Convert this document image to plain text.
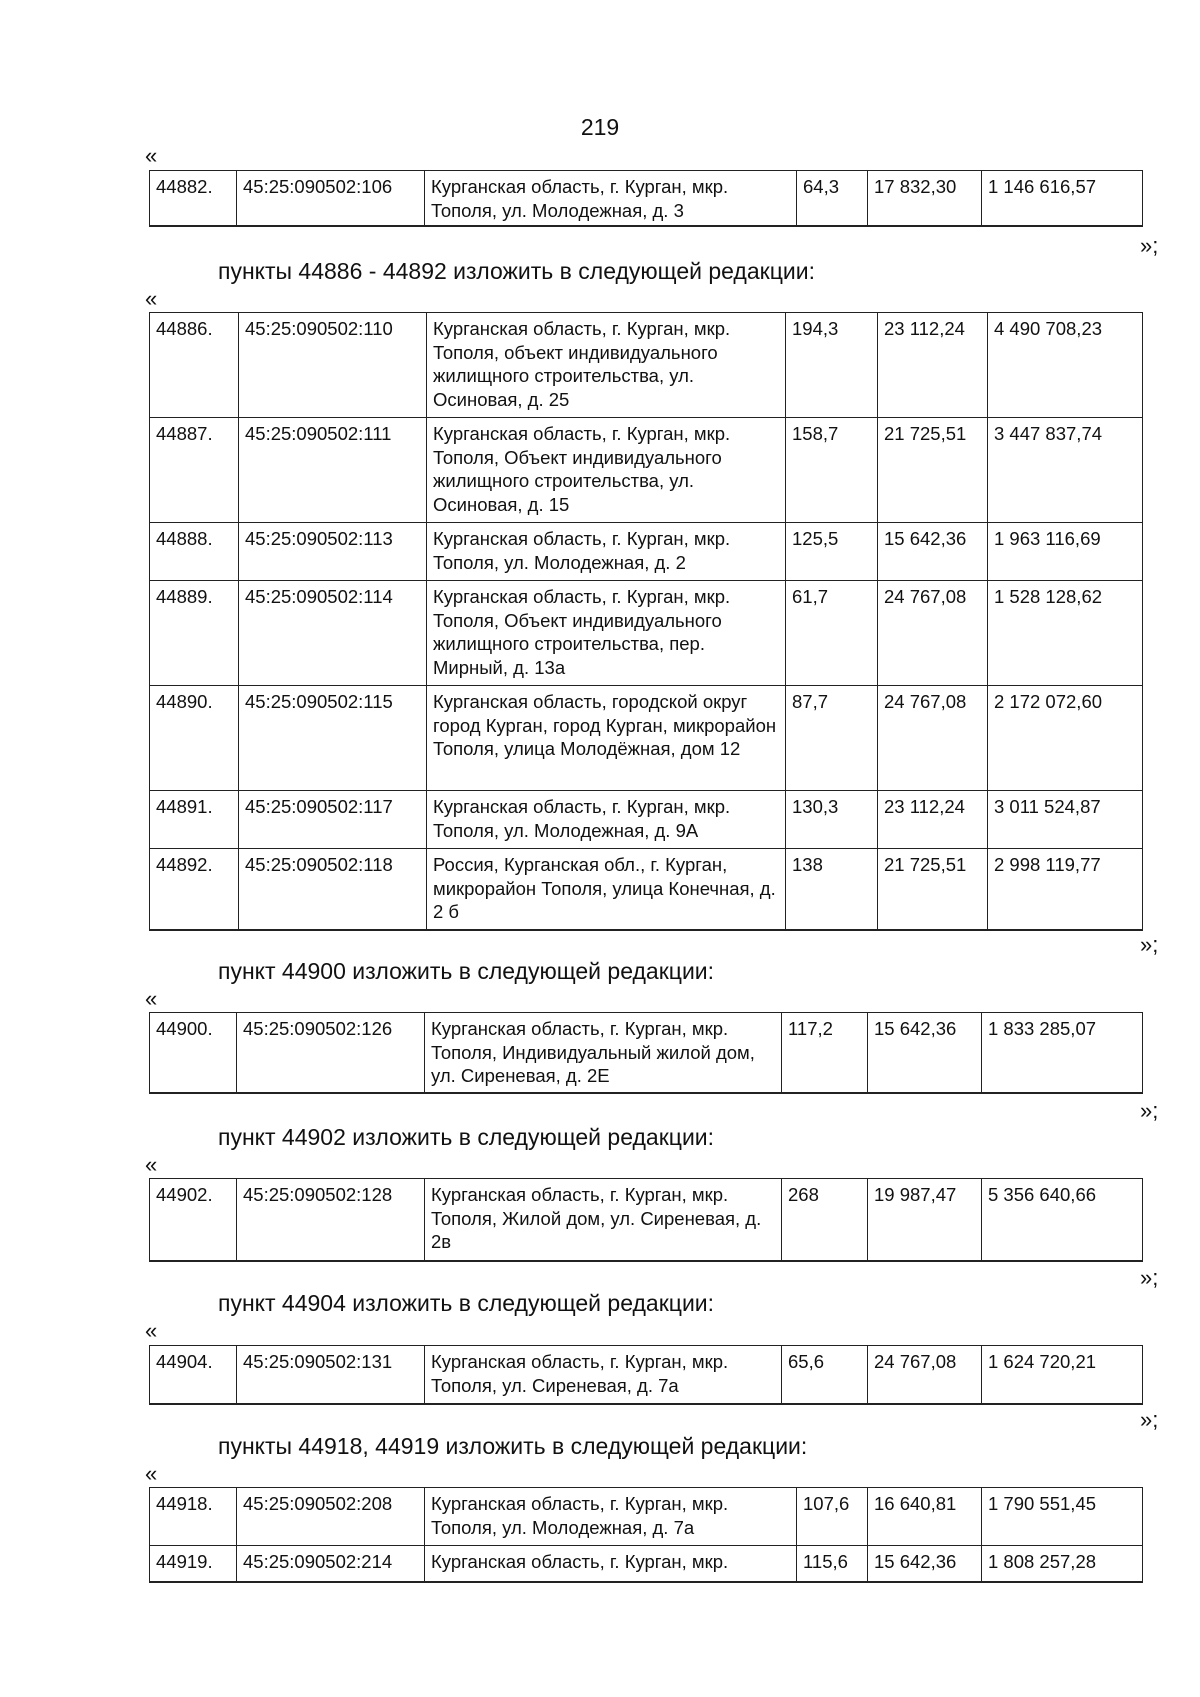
219
«
44882.	45:25:090502:106	Курганская область, г. Курган, мкр. Тополя, ул. Молодежная, д. 3	64,3	17 832,30	1 146 616,57
»;
пункты 44886 - 44892 изложить в следующей редакции:
«
44886.	45:25:090502:110	Курганская область, г. Курган, мкр. Тополя, объект индивидуального жилищного строительства, ул. Осиновая, д. 25	194,3	23 112,24	4 490 708,23
44887.	45:25:090502:111	Курганская область, г. Курган, мкр. Тополя, Объект индивидуального жилищного строительства, ул. Осиновая, д. 15	158,7	21 725,51	3 447 837,74
44888.	45:25:090502:113	Курганская область, г. Курган, мкр. Тополя, ул. Молодежная, д. 2	125,5	15 642,36	1 963 116,69
44889.	45:25:090502:114	Курганская область, г. Курган, мкр. Тополя, Объект индивидуального жилищного строительства, пер. Мирный, д. 13а	61,7	24 767,08	1 528 128,62
44890.	45:25:090502:115	Курганская область, городской округ город Курган, город Курган, микрорайон Тополя, улица Молодёжная, дом 12	87,7	24 767,08	2 172 072,60
44891.	45:25:090502:117	Курганская область, г. Курган, мкр. Тополя, ул. Молодежная, д. 9А	130,3	23 112,24	3 011 524,87
44892.	45:25:090502:118	Россия, Курганская обл., г. Курган, микрорайон Тополя, улица Конечная, д. 2 б	138	21 725,51	2 998 119,77
»;
пункт 44900 изложить в следующей редакции:
«
44900.	45:25:090502:126	Курганская область, г. Курган, мкр. Тополя, Индивидуальный жилой дом, ул. Сиреневая, д. 2Е	117,2	15 642,36	1 833 285,07
»;
пункт 44902 изложить в следующей редакции:
«
44902.	45:25:090502:128	Курганская область, г. Курган, мкр. Тополя, Жилой дом, ул. Сиреневая, д. 2в	268	19 987,47	5 356 640,66
»;
пункт 44904 изложить в следующей редакции:
«
44904.	45:25:090502:131	Курганская область, г. Курган, мкр. Тополя, ул. Сиреневая, д. 7а	65,6	24 767,08	1 624 720,21
»;
пункты 44918, 44919 изложить в следующей редакции:
«
44918.	45:25:090502:208	Курганская область, г. Курган, мкр. Тополя, ул. Молодежная, д. 7а	107,6	16 640,81	1 790 551,45
44919.	45:25:090502:214	Курганская область, г. Курган, мкр.	115,6	15 642,36	1 808 257,28
